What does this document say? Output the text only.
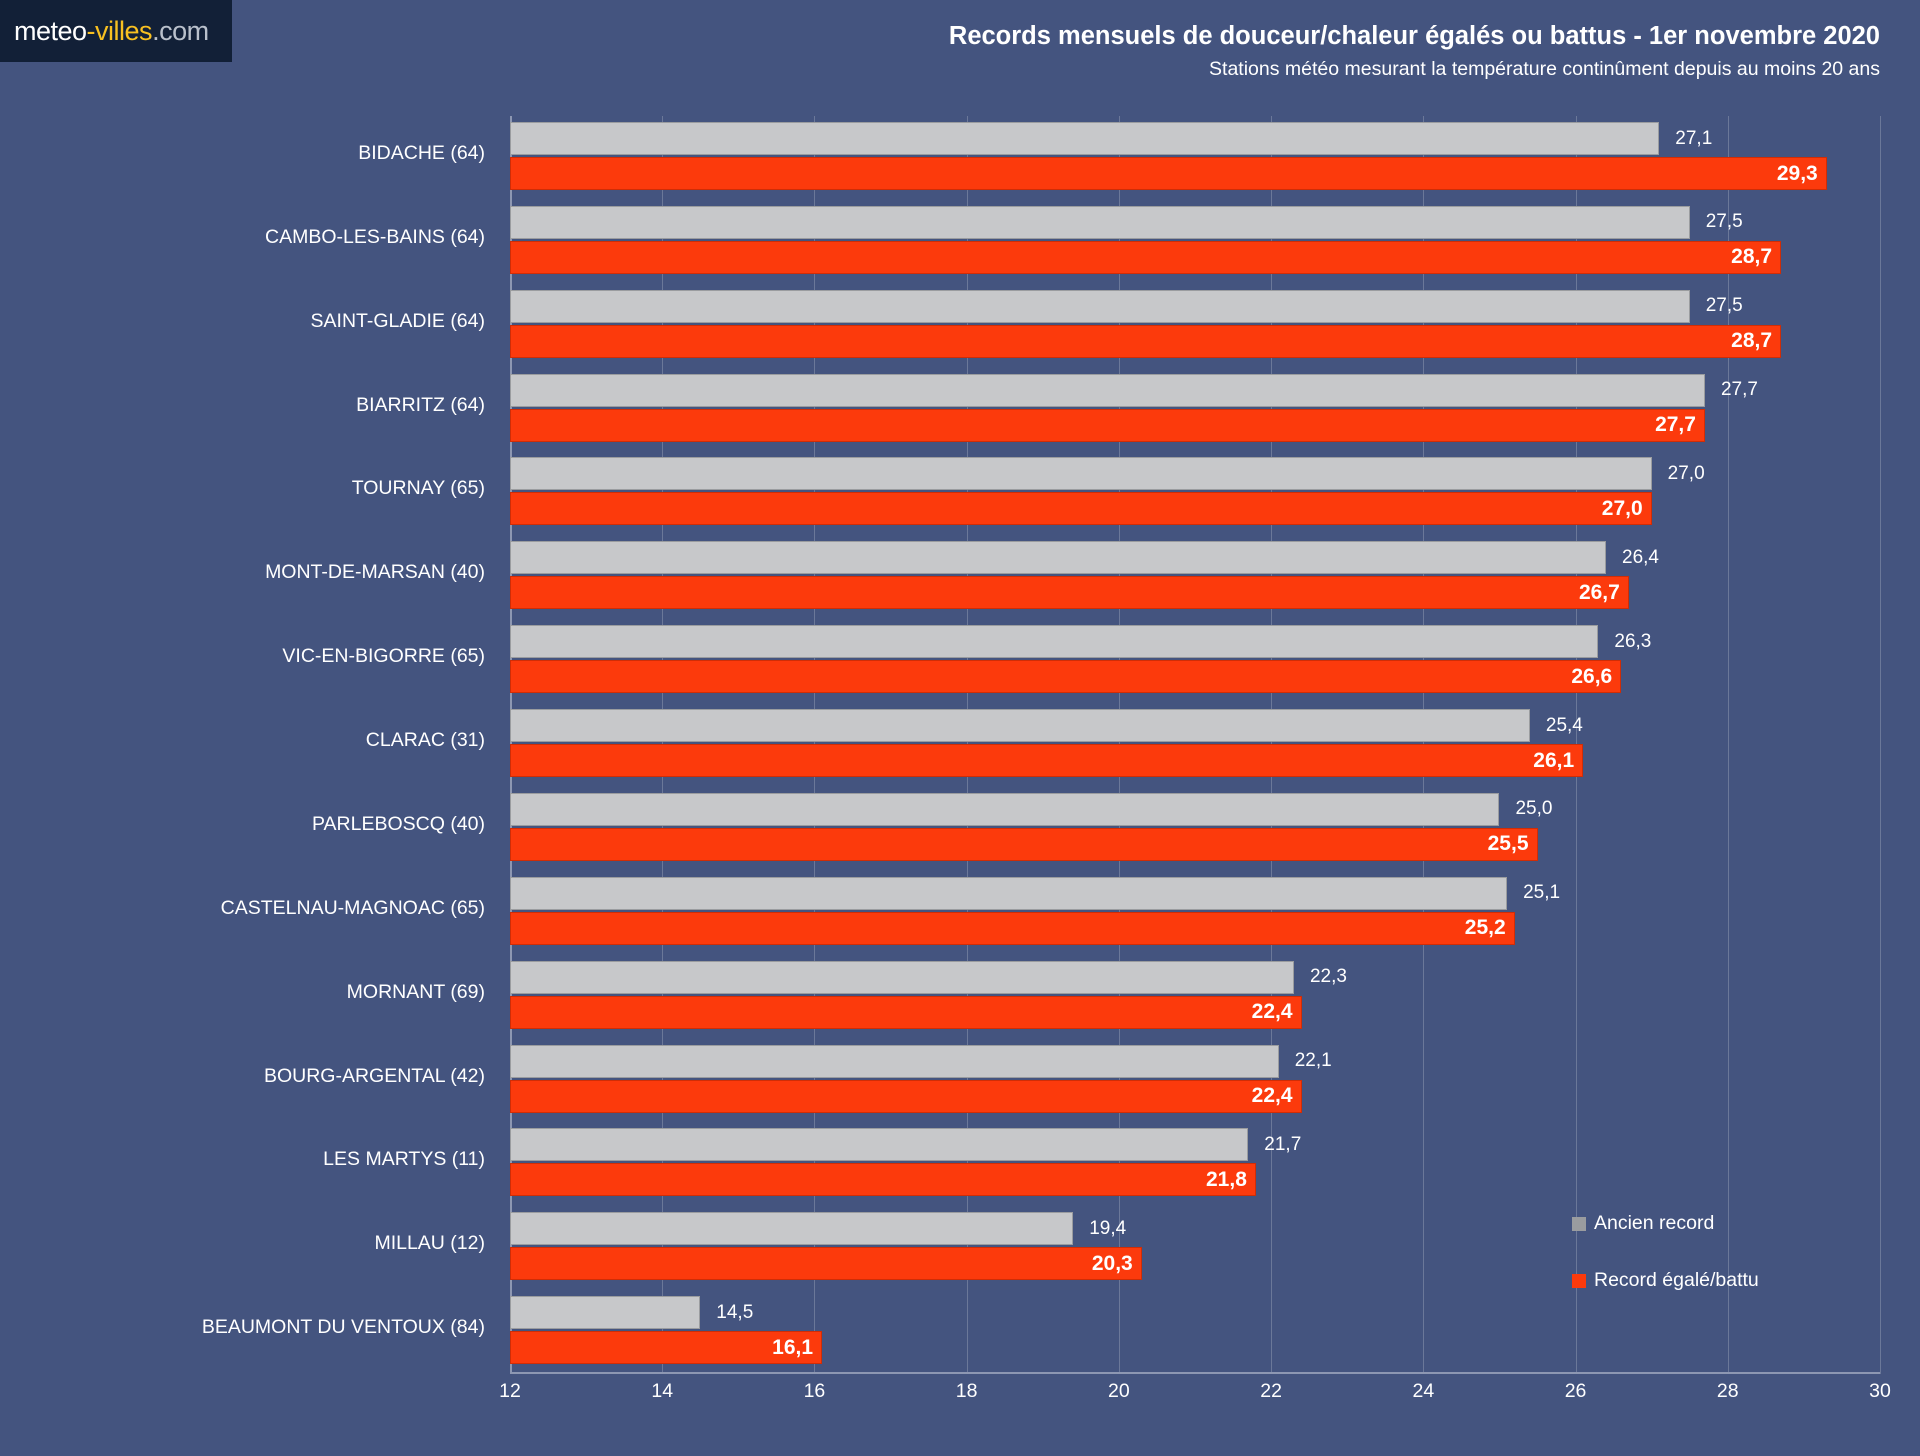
meteo-villes.com	Records mensuels de douceur/chaleur égalés ou battus - 1er novembre 2020
Stations météo mesurant la température continûment depuis au moins 20 ans
BIDACHE (64)
27,1
29,3
CAMBO-LES-BAINS (64)
27,5
28,7
SAINT-GLADIE (64)
27,5
28,7
BIARRITZ (64)
27,7
27,7
TOURNAY (65)
27,0
27,0
MONT-DE-MARSAN (40)
26,4
26,7
VIC-EN-BIGORRE (65)
26,3
26,6
CLARAC (31)
25,4
26,1
PARLEBOSCQ (40)
25,0
25,5
CASTELNAU-MAGNOAC (65)
25,1
25,2
MORNANT (69)
22,3
22,4
BOURG-ARGENTAL (42)
22,1
22,4
LES MARTYS (11)
21,7
21,8
MILLAU (12)
19,4
20,3
BEAUMONT DU VENTOUX (84)
14,5
16,1
12	14	16	18	20	22	24	26	28	30
Ancien record
Record égalé/battu
